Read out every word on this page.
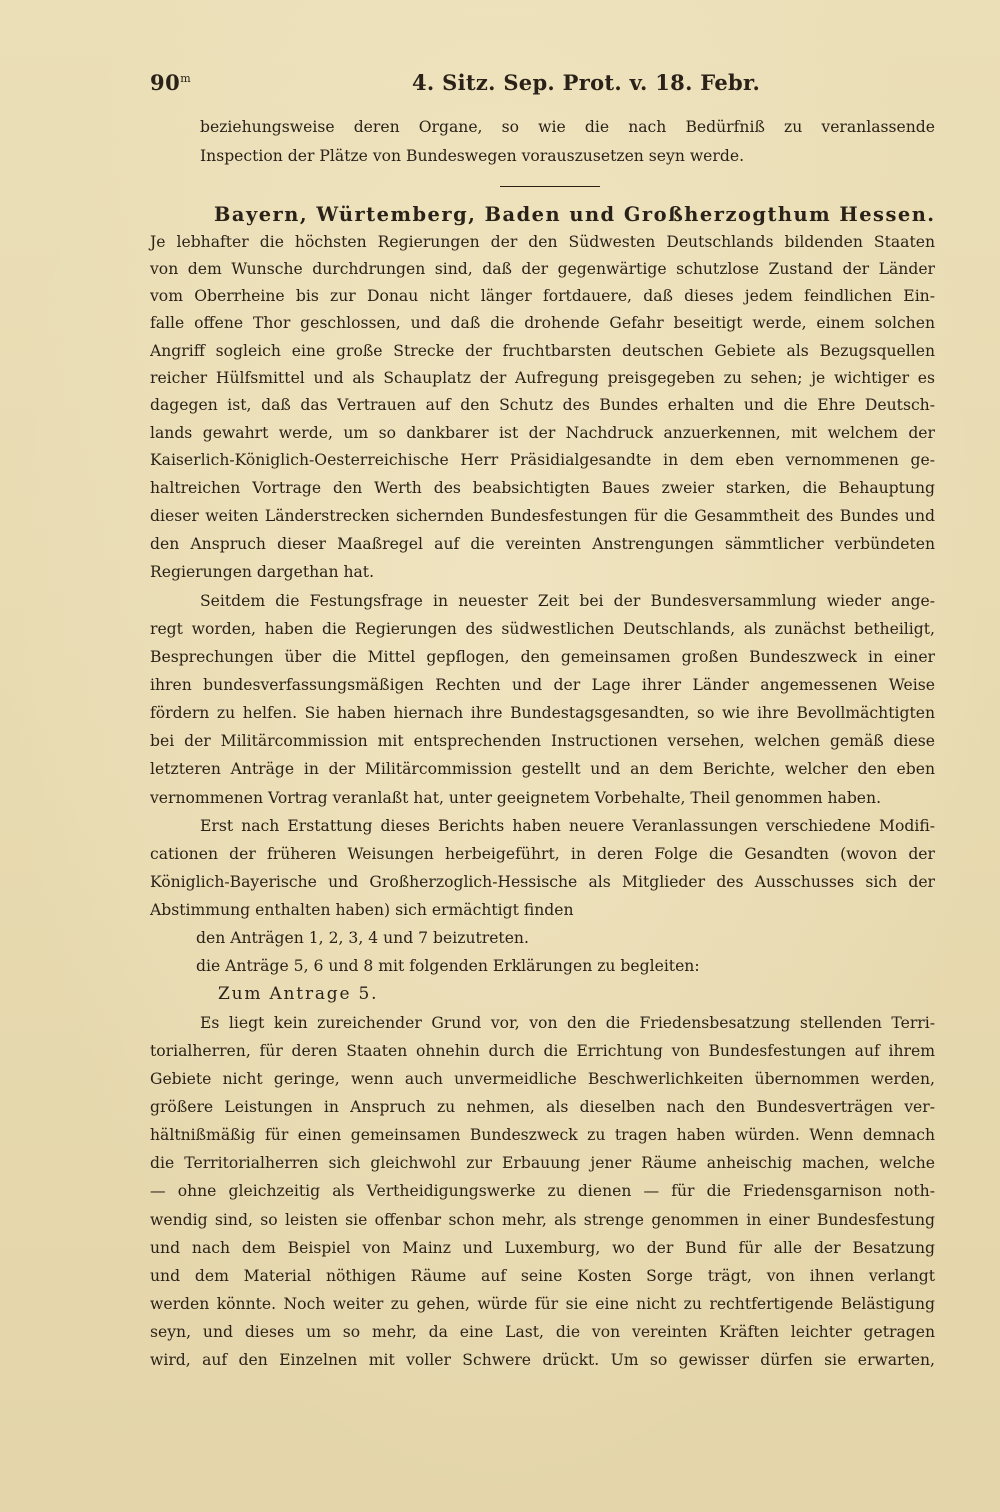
90$^m$	4. Sitz. Sep. Prot. v. 18. Febr.
beziehungsweise deren Organe, so wie die nach Bedürfniß zu veranlassende
Inspection der Plätze von Bundeswegen vorauszusetzen seyn werde.
Bayern, Würtemberg, Baden und Großherzogthum Hessen.
Je lebhafter die höchsten Regierungen der den Südwesten Deutschlands bildenden Staaten
von dem Wunsche durchdrungen sind, daß der gegenwärtige schutzlose Zustand der Länder
vom Oberrheine bis zur Donau nicht länger fortdauere, daß dieses jedem feindlichen Ein-
falle offene Thor geschlossen, und daß die drohende Gefahr beseitigt werde, einem solchen
Angriff sogleich eine große Strecke der fruchtbarsten deutschen Gebiete als Bezugsquellen
reicher Hülfsmittel und als Schauplatz der Aufregung preisgegeben zu sehen; je wichtiger es
dagegen ist, daß das Vertrauen auf den Schutz des Bundes erhalten und die Ehre Deutsch-
lands gewahrt werde, um so dankbarer ist der Nachdruck anzuerkennen, mit welchem der
Kaiserlich-Königlich-Oesterreichische Herr Präsidialgesandte in dem eben vernommenen ge-
haltreichen Vortrage den Werth des beabsichtigten Baues zweier starken, die Behauptung
dieser weiten Länderstrecken sichernden Bundesfestungen für die Gesammtheit des Bundes und
den Anspruch dieser Maaßregel auf die vereinten Anstrengungen sämmtlicher verbündeten
Regierungen dargethan hat.
Seitdem die Festungsfrage in neuester Zeit bei der Bundesversammlung wieder ange-
regt worden, haben die Regierungen des südwestlichen Deutschlands, als zunächst betheiligt,
Besprechungen über die Mittel gepflogen, den gemeinsamen großen Bundeszweck in einer
ihren bundesverfassungsmäßigen Rechten und der Lage ihrer Länder angemessenen Weise
fördern zu helfen. Sie haben hiernach ihre Bundestagsgesandten, so wie ihre Bevollmächtigten
bei der Militärcommission mit entsprechenden Instructionen versehen, welchen gemäß diese
letzteren Anträge in der Militärcommission gestellt und an dem Berichte, welcher den eben
vernommenen Vortrag veranlaßt hat, unter geeignetem Vorbehalte, Theil genommen haben.
Erst nach Erstattung dieses Berichts haben neuere Veranlassungen verschiedene Modifi-
cationen der früheren Weisungen herbeigeführt, in deren Folge die Gesandten (wovon der
Königlich-Bayerische und Großherzoglich-Hessische als Mitglieder des Ausschusses sich der
Abstimmung enthalten haben) sich ermächtigt finden
den Anträgen 1, 2, 3, 4 und 7 beizutreten.
die Anträge 5, 6 und 8 mit folgenden Erklärungen zu begleiten:
Zum Antrage 5.
Es liegt kein zureichender Grund vor, von den die Friedensbesatzung stellenden Terri-
torialherren, für deren Staaten ohnehin durch die Errichtung von Bundesfestungen auf ihrem
Gebiete nicht geringe, wenn auch unvermeidliche Beschwerlichkeiten übernommen werden,
größere Leistungen in Anspruch zu nehmen, als dieselben nach den Bundesverträgen ver-
hältnißmäßig für einen gemeinsamen Bundeszweck zu tragen haben würden. Wenn demnach
die Territorialherren sich gleichwohl zur Erbauung jener Räume anheischig machen, welche
— ohne gleichzeitig als Vertheidigungswerke zu dienen — für die Friedensgarnison noth-
wendig sind, so leisten sie offenbar schon mehr, als strenge genommen in einer Bundesfestung
und nach dem Beispiel von Mainz und Luxemburg, wo der Bund für alle der Besatzung
und dem Material nöthigen Räume auf seine Kosten Sorge trägt, von ihnen verlangt
werden könnte. Noch weiter zu gehen, würde für sie eine nicht zu rechtfertigende Belästigung
seyn, und dieses um so mehr, da eine Last, die von vereinten Kräften leichter getragen
wird, auf den Einzelnen mit voller Schwere drückt. Um so gewisser dürfen sie erwarten,
